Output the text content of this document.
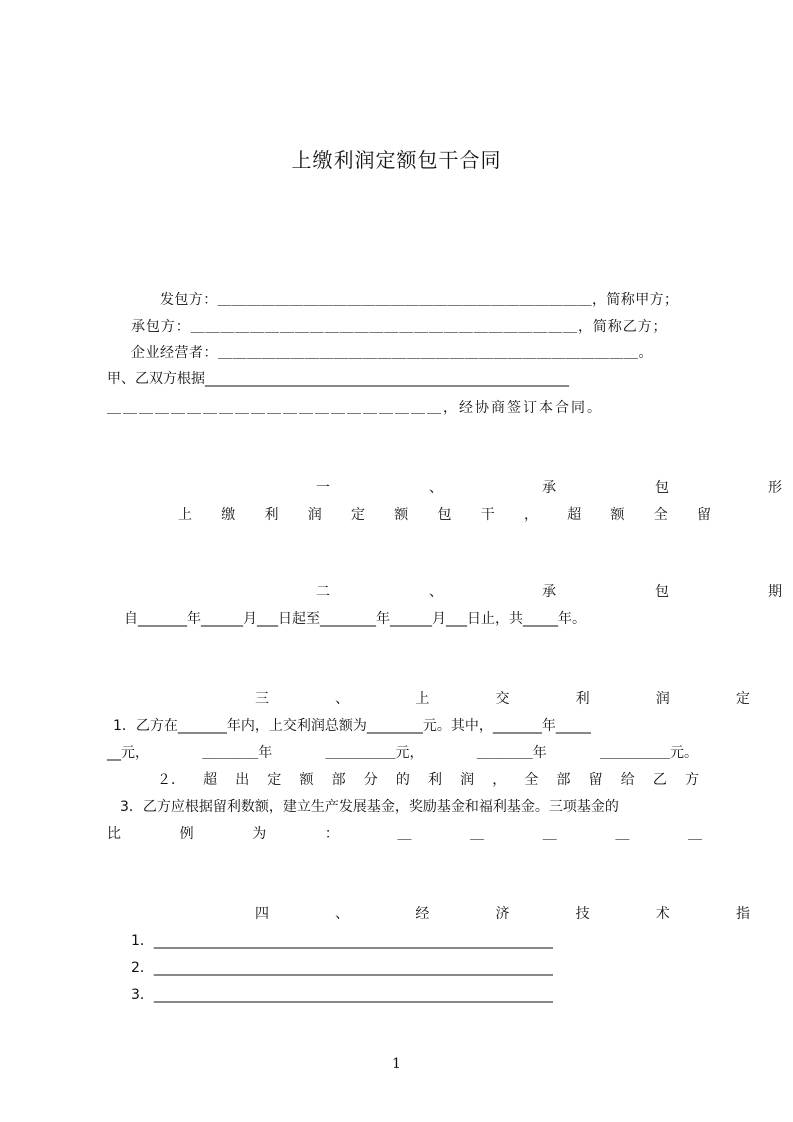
上缴利润定额包干合同
发包方：＿＿＿＿＿＿＿＿＿＿＿＿＿＿＿＿＿＿＿＿＿＿＿＿＿＿，简称甲方；
承包方：＿＿＿＿＿＿＿＿＿＿＿＿＿＿＿＿＿＿＿＿＿＿＿＿＿＿，简称乙方；
企业经营者：＿＿＿＿＿＿＿＿＿＿＿＿＿＿＿＿＿＿＿＿＿＿＿＿＿＿＿＿＿。
甲、乙双方根据____________________________________________________
＿＿＿＿＿＿＿＿＿＿＿＿＿＿＿＿＿＿＿＿＿，经协商签订本合同。
一	、	承	包	形
上 缴 利 润 定 额 包 干 ， 超 额 全 留
二	、	承	包	期
自_______年______月___日起至________年______月___日止，共_____年。
三	、	上	交	利	润	定
1．乙方在_______年内，上交利润总额为________元。其中，_______年_____
__元，	＿＿＿＿年	＿＿＿＿＿元，	＿＿＿＿年	＿＿＿＿＿元。
２． 超 出 定 额 部 分 的 利 润 ， 全 部 留 给 乙 方
3．乙方应根据留利数额，建立生产发展基金，奖励基金和福利基金。三项基金的
比	例	为	：	＿	＿	＿	＿	＿
四	、	经	济	技	术	指
1．_________________________________________________________
2．_________________________________________________________
3．_________________________________________________________
1
